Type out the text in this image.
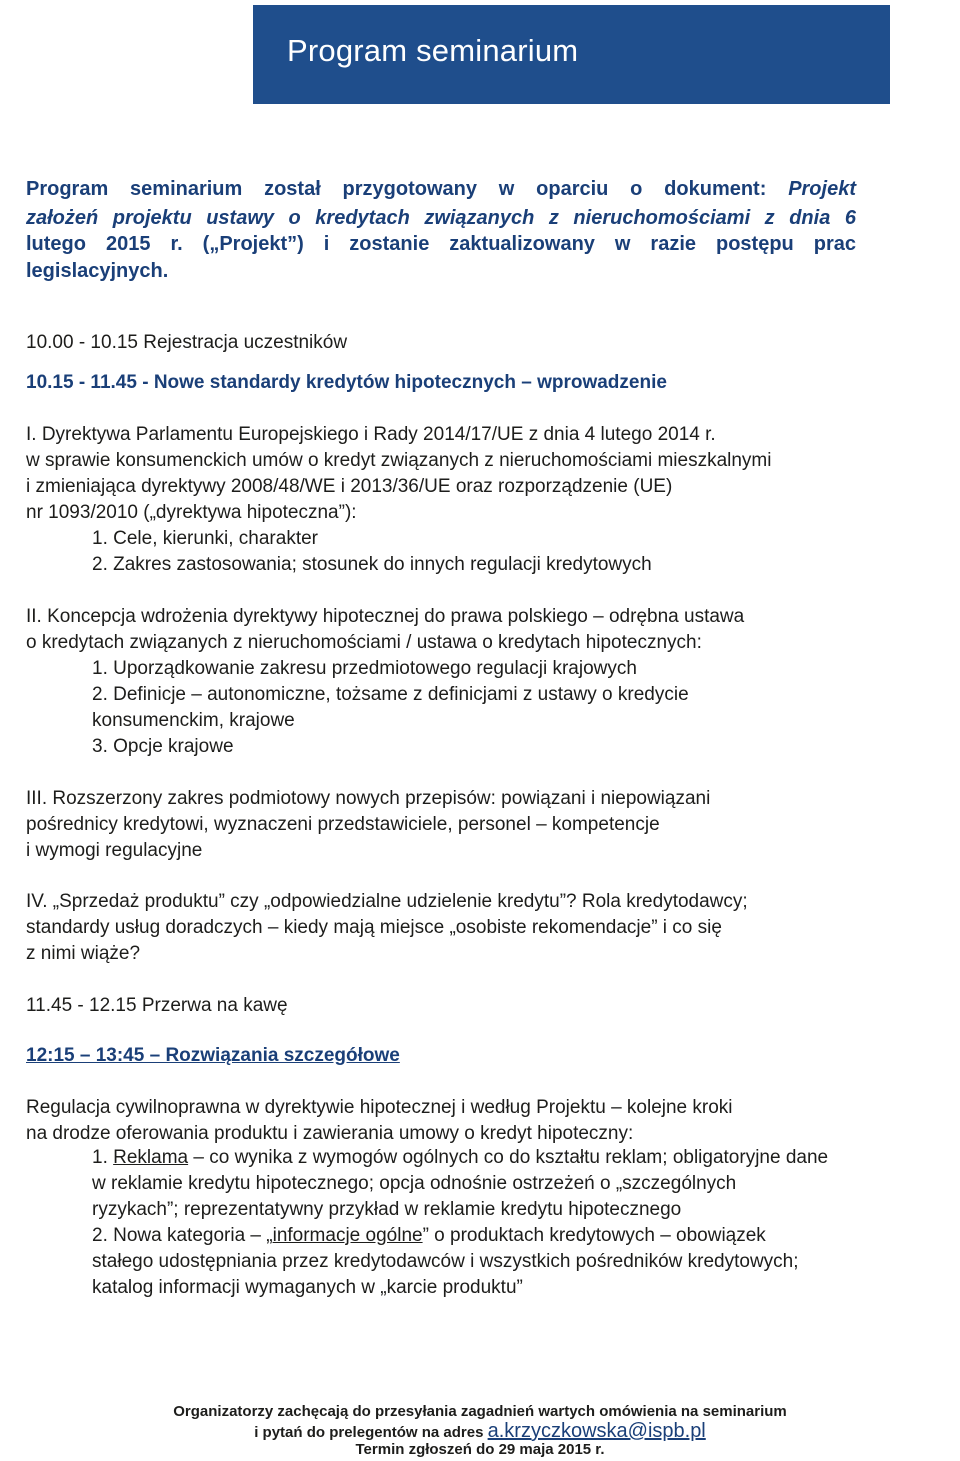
Program seminarium
Program seminarium został przygotowany w oparciu o dokument: Projekt
założeń projektu ustawy o kredytach związanych z nieruchomościami z dnia 6
lutego 2015 r. („Projekt”) i zostanie zaktualizowany w razie postępu prac
legislacyjnych.
10.00 - 10.15 Rejestracja uczestników
10.15 - 11.45 - Nowe standardy kredytów hipotecznych – wprowadzenie
I. Dyrektywa Parlamentu Europejskiego i Rady 2014/17/UE z dnia 4 lutego 2014 r.
w sprawie konsumenckich umów o kredyt związanych z nieruchomościami mieszkalnymi
i zmieniająca dyrektywy 2008/48/WE i 2013/36/UE oraz rozporządzenie (UE)
nr 1093/2010 („dyrektywa hipoteczna”):
1. Cele, kierunki, charakter
2. Zakres zastosowania; stosunek do innych regulacji kredytowych
II. Koncepcja wdrożenia dyrektywy hipotecznej do prawa polskiego – odrębna ustawa
o kredytach związanych z nieruchomościami / ustawa o kredytach hipotecznych:
1. Uporządkowanie zakresu przedmiotowego regulacji krajowych
2. Definicje – autonomiczne, tożsame z definicjami z ustawy o kredycie
konsumenckim, krajowe
3. Opcje krajowe
III. Rozszerzony zakres podmiotowy nowych przepisów: powiązani i niepowiązani
pośrednicy kredytowi, wyznaczeni przedstawiciele, personel – kompetencje
i wymogi regulacyjne
IV. „Sprzedaż produktu” czy „odpowiedzialne udzielenie kredytu”? Rola kredytodawcy;
standardy usług doradczych – kiedy mają miejsce „osobiste rekomendacje” i co się
z nimi wiąże?
11.45 - 12.15 Przerwa na kawę
12:15 – 13:45 – Rozwiązania szczegółowe
Regulacja cywilnoprawna w dyrektywie hipotecznej i według Projektu – kolejne kroki
na drodze oferowania produktu i zawierania umowy o kredyt hipoteczny:
1. Reklama – co wynika z wymogów ogólnych co do kształtu reklam; obligatoryjne dane
w reklamie kredytu hipotecznego; opcja odnośnie ostrzeżeń o „szczególnych
ryzykach”; reprezentatywny przykład w reklamie kredytu hipotecznego
2. Nowa kategoria – „informacje ogólne” o produktach kredytowych – obowiązek
stałego udostępniania przez kredytodawców i wszystkich pośredników kredytowych;
katalog informacji wymaganych w „karcie produktu”
Organizatorzy zachęcają do przesyłania zagadnień wartych omówienia na seminarium
i pytań do prelegentów na adres a.krzyczkowska@ispb.pl
Termin zgłoszeń do 29 maja 2015 r.
